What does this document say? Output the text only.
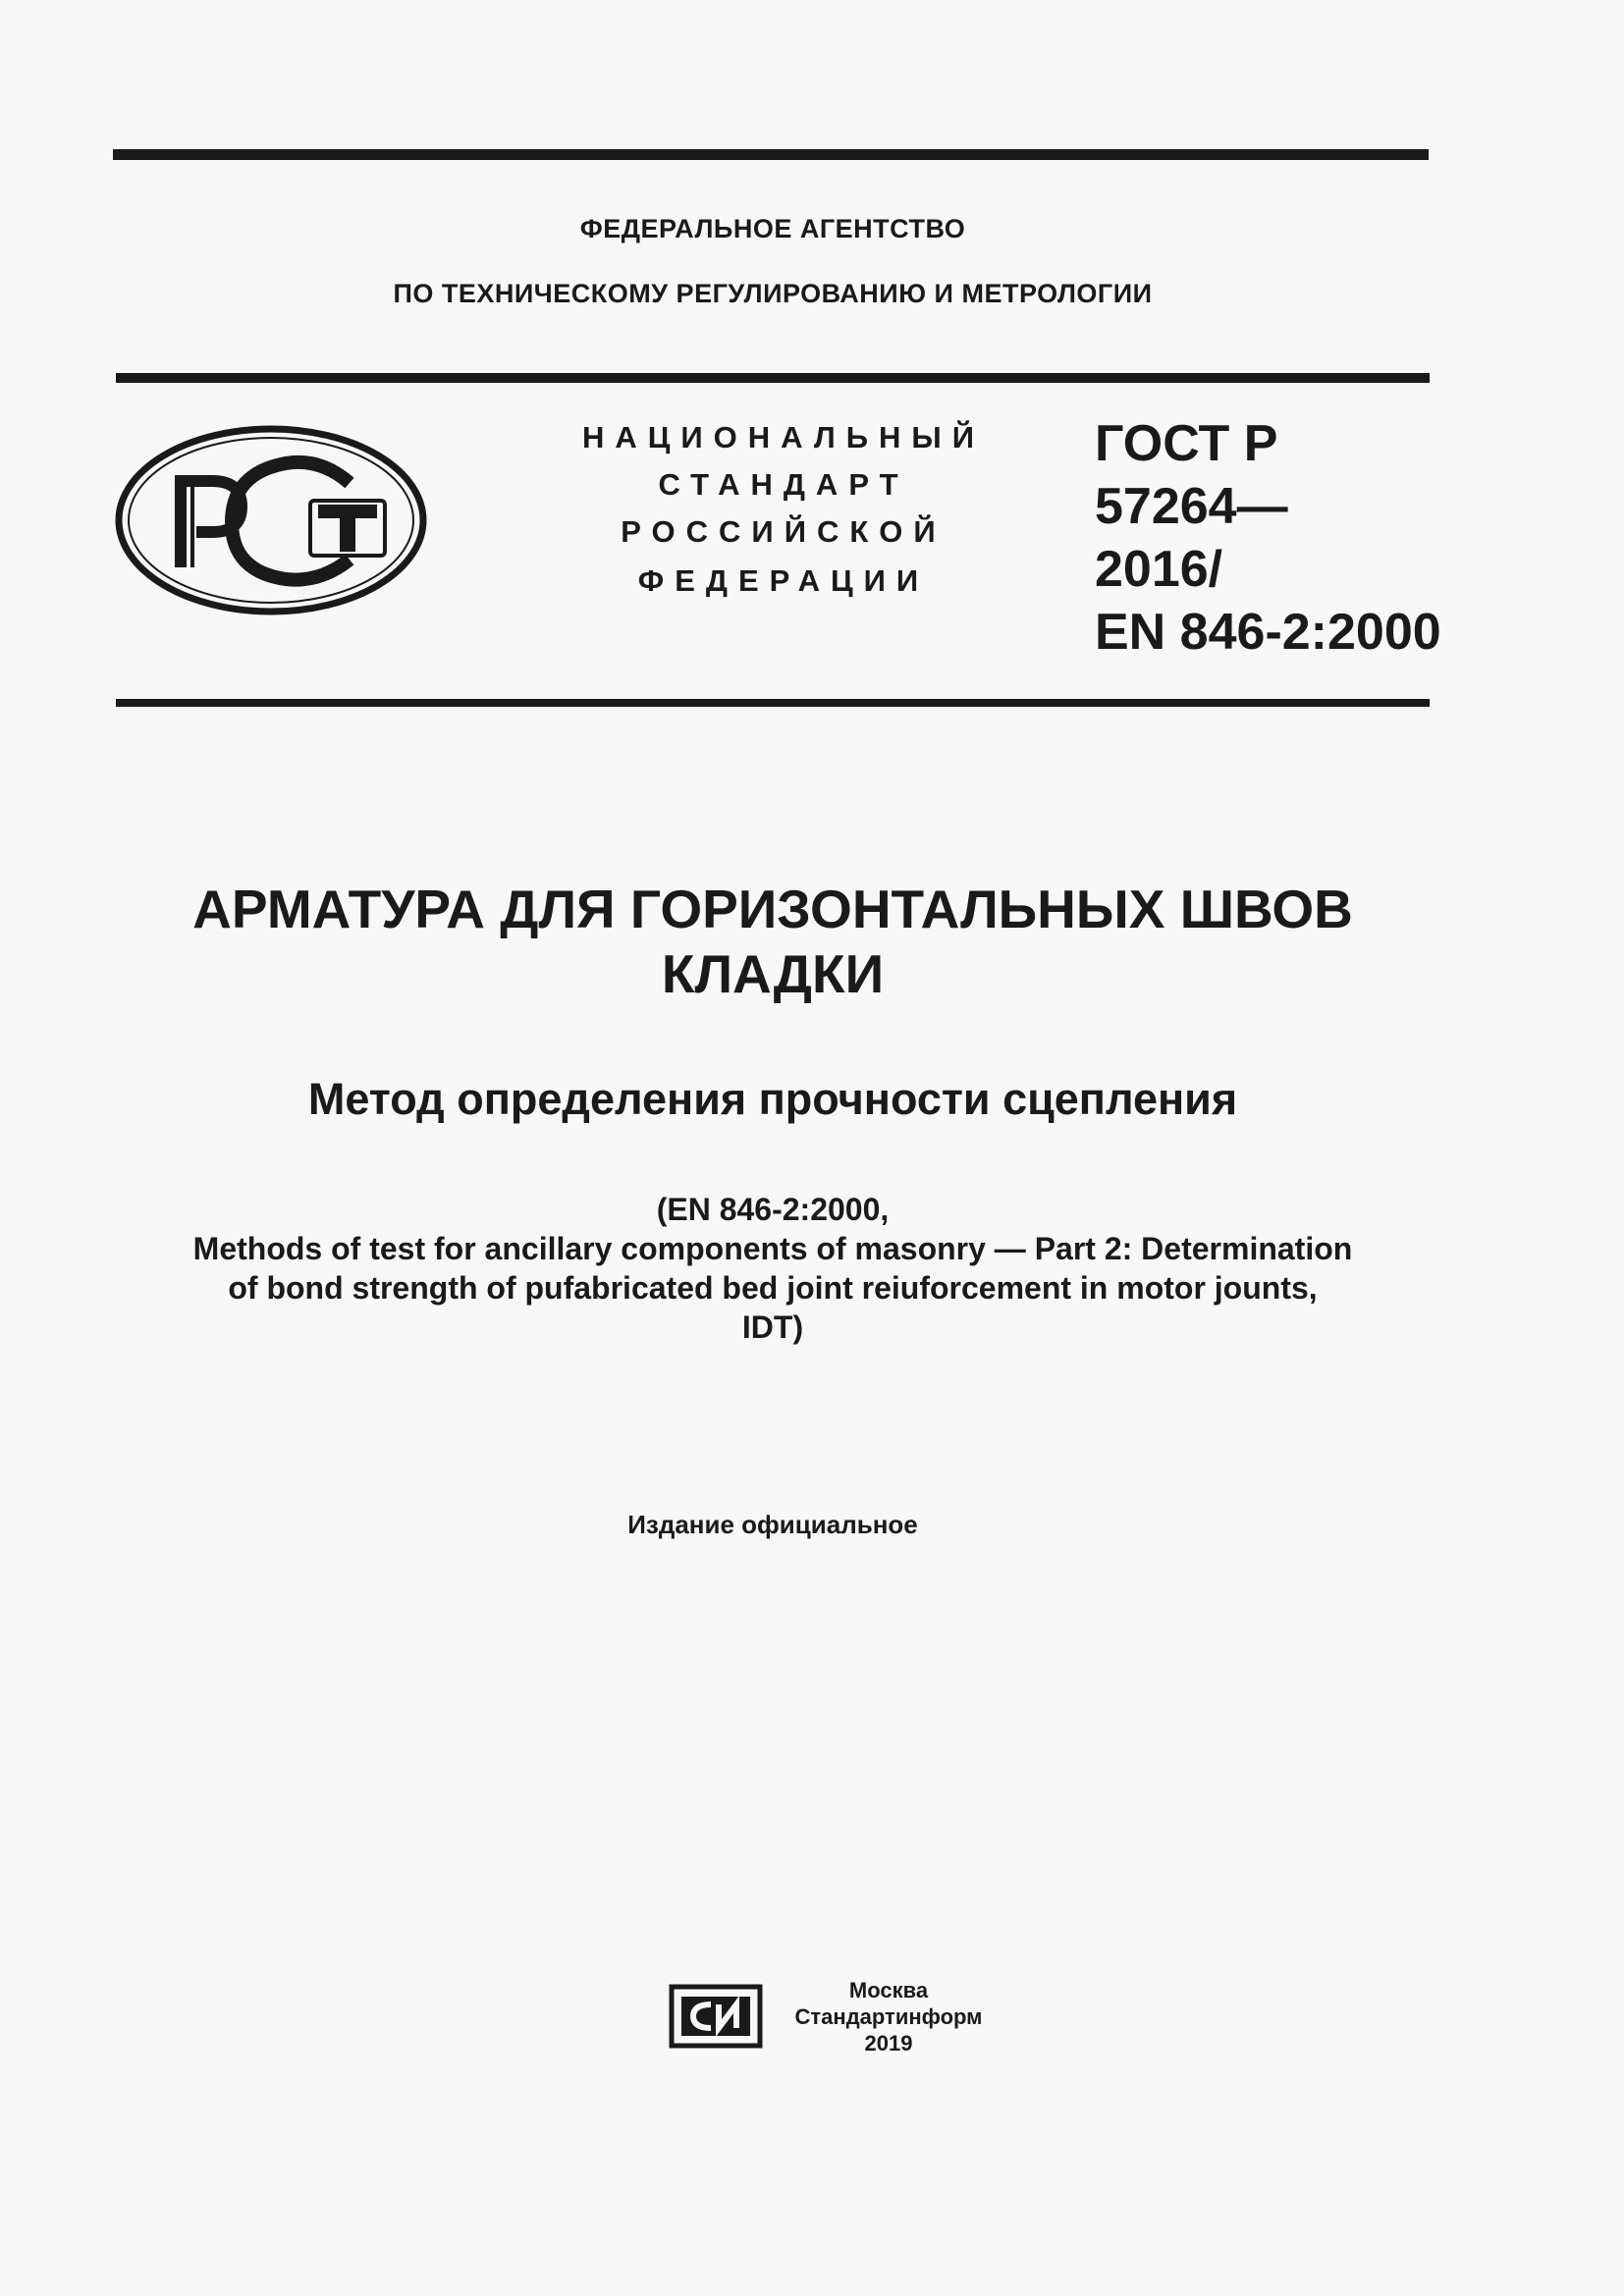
ФЕДЕРАЛЬНОЕ АГЕНТСТВО
ПО ТЕХНИЧЕСКОМУ РЕГУЛИРОВАНИЮ И МЕТРОЛОГИИ
НАЦИОНАЛЬНЫЙ
СТАНДАРТ
РОССИЙСКОЙ
ФЕДЕРАЦИИ
ГОСТ Р
57264—
2016/
EN 846-2:2000
АРМАТУРА ДЛЯ ГОРИЗОНТАЛЬНЫХ ШВОВ
КЛАДКИ
Метод определения прочности сцепления
(EN 846-2:2000,
Methods of test for ancillary components of masonry — Part 2: Determination
of bond strength of pufabricated bed joint reiuforcement in motor jounts,
IDT)
Издание официальное
Москва
Стандартинформ
2019
